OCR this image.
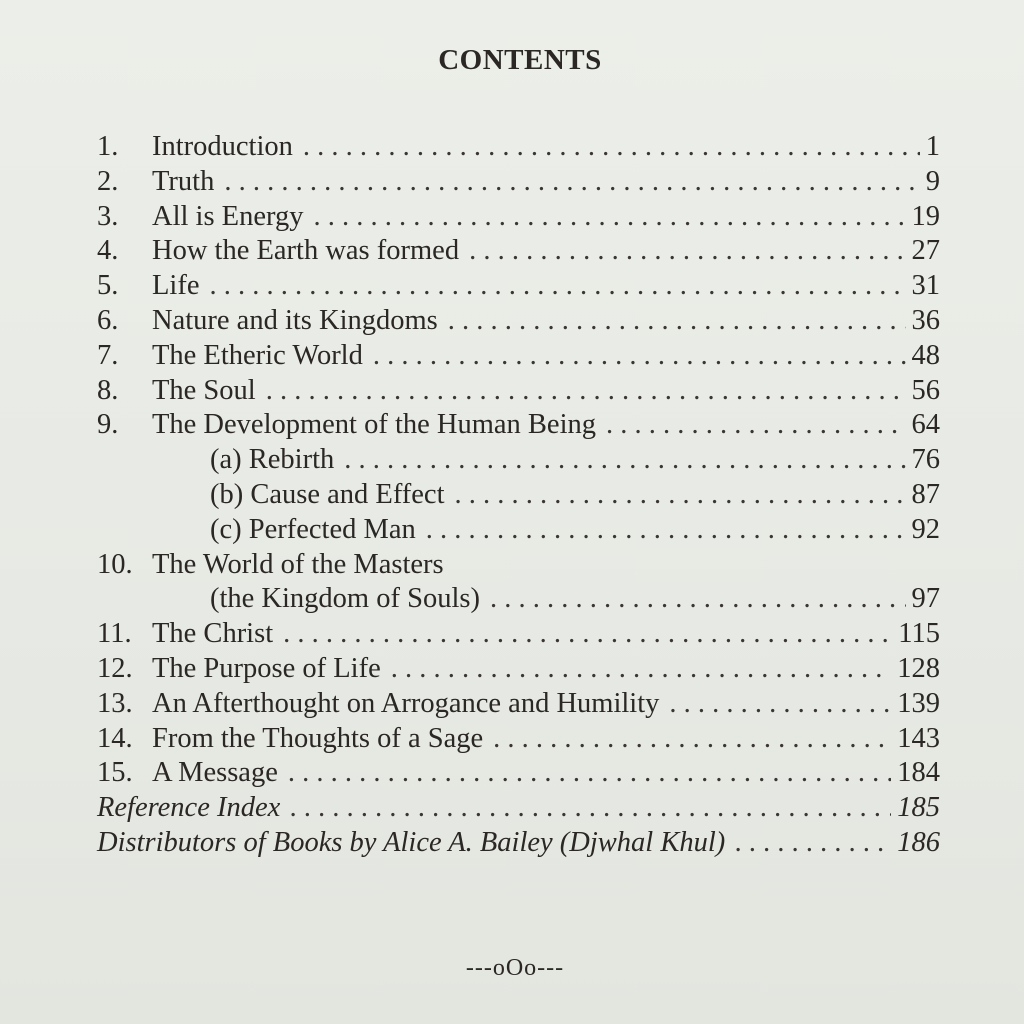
CONTENTS
1.	Introduction . . .	1
2.	Truth . . .	9
3.	All is Energy . . .	19
4.	How the Earth was formed . . .	27
5.	Life . . .	31
6.	Nature and its Kingdoms . . .	36
7.	The Etheric World . . .	48
8.	The Soul . . .	56
9.	The Development of the Human Being . . .	64
(a) Rebirth . . .	76
(b) Cause and Effect . . .	87
(c) Perfected Man . . .	92
10. The World of the Masters
(the Kingdom of Souls) . . .	97
11. The Christ . . .	115
12. The Purpose of Life . . .	128
13. An Afterthought on Arrogance and Humility . . .	139
14. From the Thoughts of a Sage . . .	143
15. A Message . . .	184
Reference Index . . .	185
Distributors of Books by Alice A. Bailey (Djwhal Khul) . . .	186
---oOo---
